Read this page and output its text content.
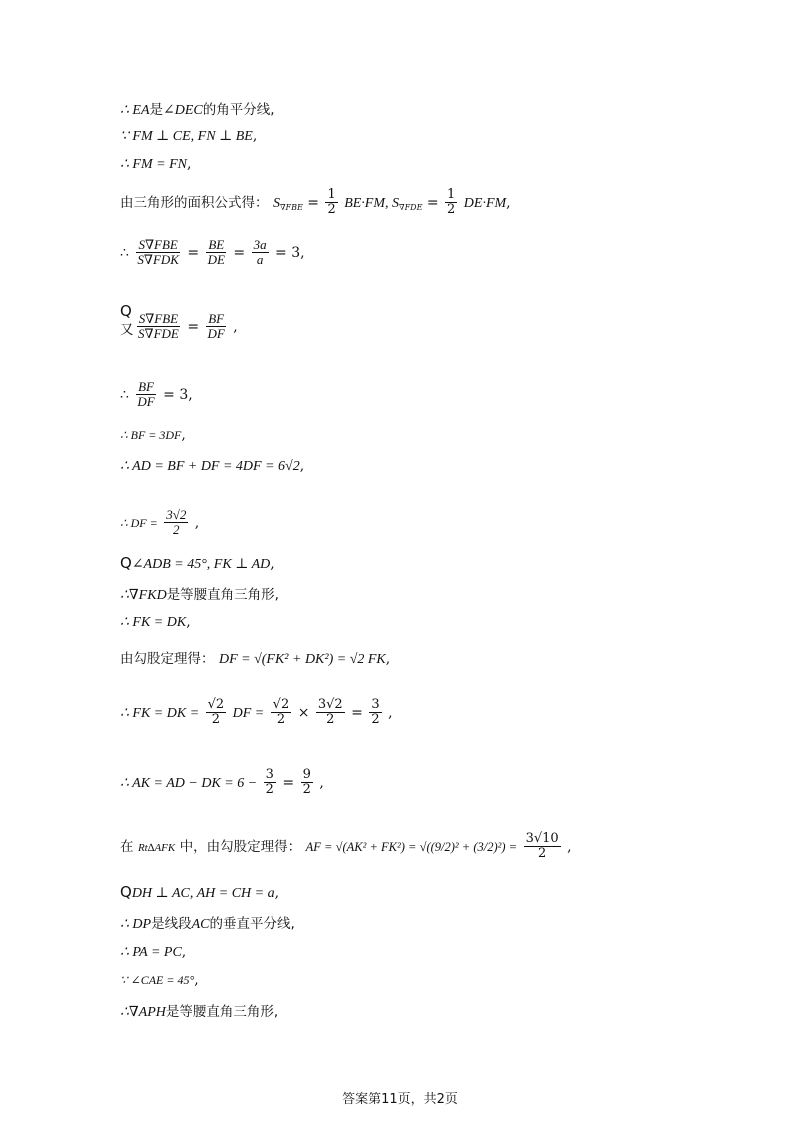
∴ EA是∠DEC的角平分线,
∵ FM ⊥ CE, FN ⊥ BE,
∴ FM = FN,
由三角形的面积公式得： $S_{\nabla FBE} = \frac{1}{2} BE\cdot FM$, $S_{\nabla FDE} = \frac{1}{2} DE\cdot FM$,
∴ $\frac{\text{S∇FBE}}{\text{S∇FDK}} = \frac{BE}{DE} = \frac{3a}{a} = 3$,
Q
又 $\frac{\text{S∇FBE}}{\text{S∇FDE}} = \frac{BF}{DF}$ ,
∴ $\frac{BF}{DF} = 3$,
∴ BF = 3DF,
∴ AD = BF + DF = 4DF = 6√2,
∴ DF = $\frac{3√2}{2}$ ,
Q∠ADB = 45°, FK ⊥ AD,
∴∇FKD是等腰直角三角形,
∴ FK = DK,
由勾股定理得： DF = √(FK² + DK²) = √2 FK,
∴ FK = DK = $\frac{√2}{2}$ DF = $\frac{√2}{2} \times \frac{3√2}{2} = \frac{3}{2}$ ,
∴ AK = AD − DK = $6 - \frac{3}{2} = \frac{9}{2}$ ,
在 Rt∆AFK 中，由勾股定理得： AF = $√(AK^2 + FK^2) = √((9/2)^2 + (3/2)^2) = \frac{3√10}{2}$ ,
QDH ⊥ AC, AH = CH = a,
∴ DP是线段AC的垂直平分线,
∴ PA = PC,
∵ ∠CAE = 45°,
∴∇APH是等腰直角三角形,
答案第11页，共2页
